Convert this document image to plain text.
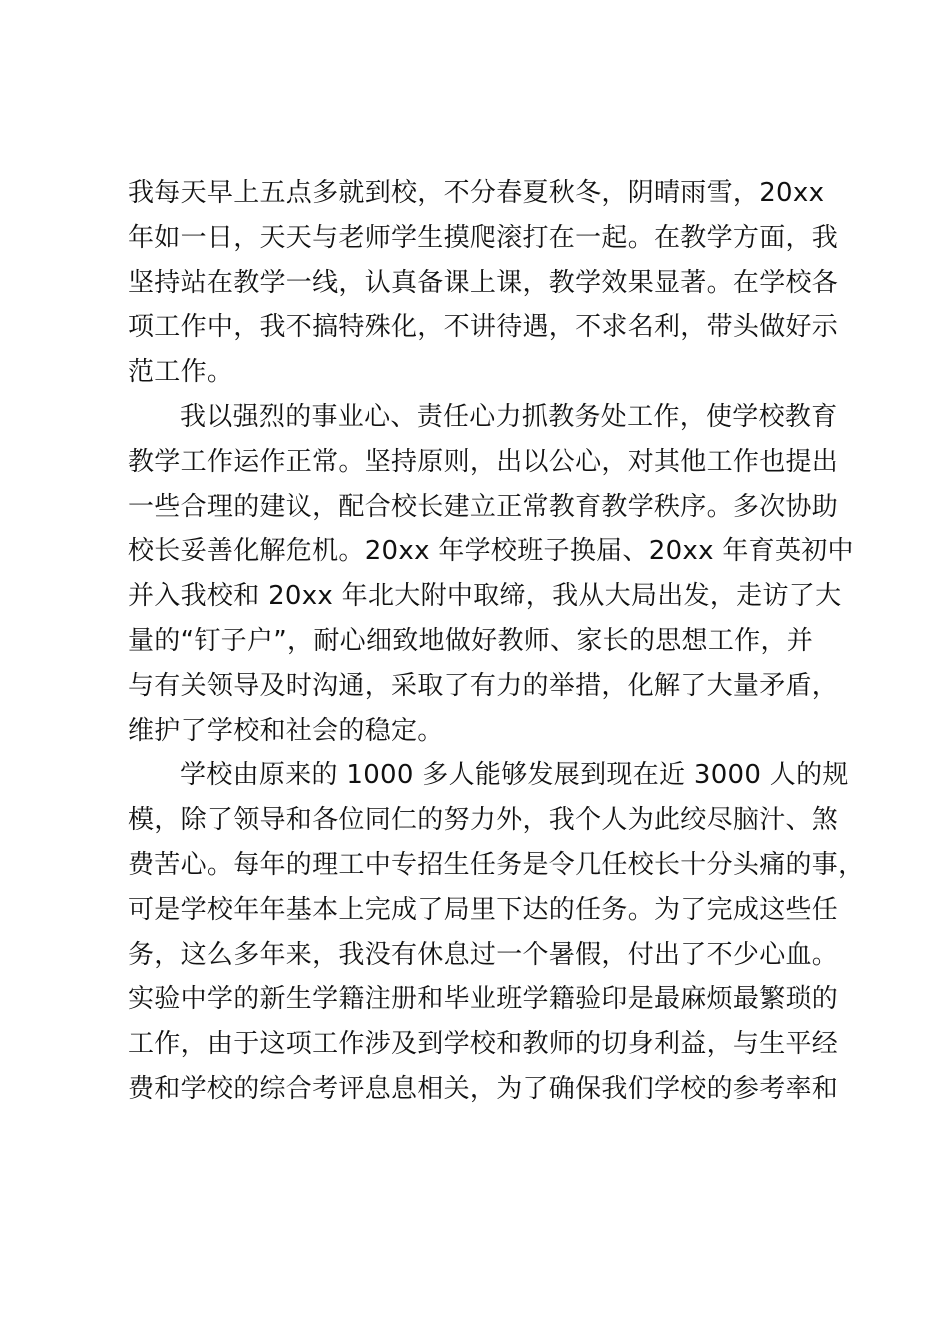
我每天早上五点多就到校，不分春夏秋冬，阴晴雨雪，20xx

年如一日，天天与老师学生摸爬滚打在一起。在教学方面，我

坚持站在教学一线，认真备课上课，教学效果显著。在学校各

项工作中，我不搞特殊化，不讲待遇，不求名利，带头做好示

范工作。

我以强烈的事业心、责任心力抓教务处工作，使学校教育

教学工作运作正常。坚持原则，出以公心，对其他工作也提出

一些合理的建议，配合校长建立正常教育教学秩序。多次协助

校长妥善化解危机。20xx 年学校班子换届、20xx 年育英初中

并入我校和 20xx 年北大附中取缔，我从大局出发，走访了大

量的“钉子户”，耐心细致地做好教师、家长的思想工作，并

与有关领导及时沟通，采取了有力的举措，化解了大量矛盾，

维护了学校和社会的稳定。

学校由原来的 1000 多人能够发展到现在近 3000 人的规

模，除了领导和各位同仁的努力外，我个人为此绞尽脑汁、煞

费苦心。每年的理工中专招生任务是令几任校长十分头痛的事，

可是学校年年基本上完成了局里下达的任务。为了完成这些任

务，这么多年来，我没有休息过一个暑假，付出了不少心血。

实验中学的新生学籍注册和毕业班学籍验印是最麻烦最繁琐的

工作，由于这项工作涉及到学校和教师的切身利益，与生平经

费和学校的综合考评息息相关，为了确保我们学校的参考率和
